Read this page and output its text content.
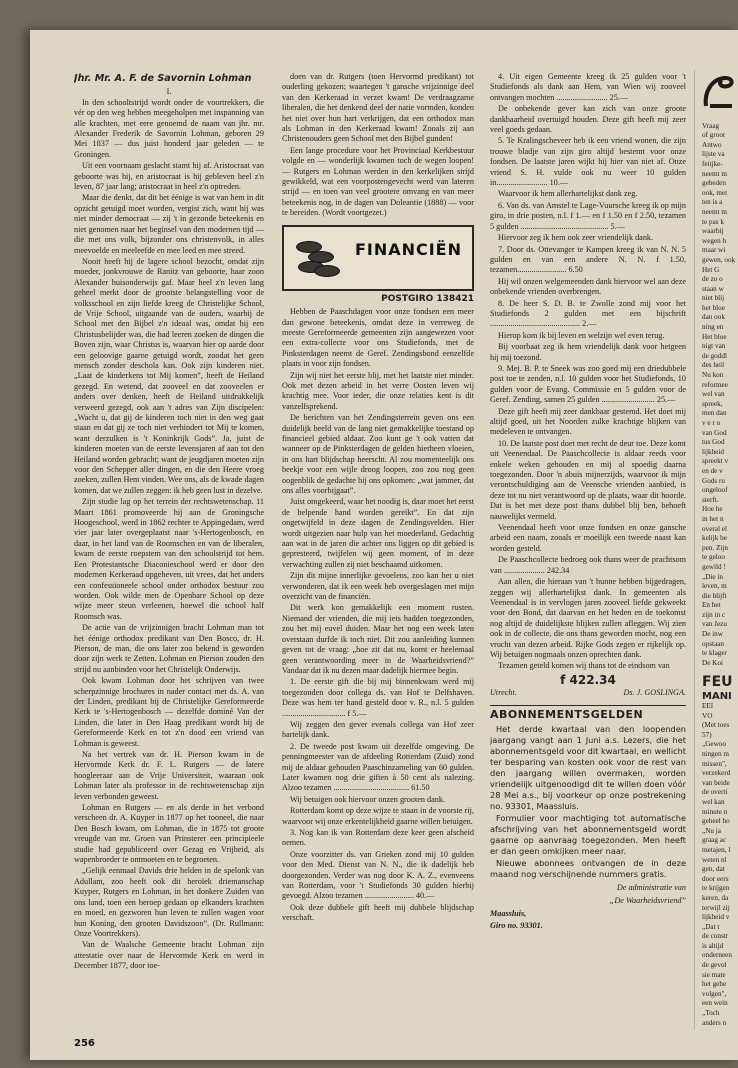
Jhr. Mr. A. F. de Savornin Lohman
I.

In den schooltstrijd wordt onder de voortrekkers, die vér op den weg hebben meegeholpen met inspanning van alle krachten, met eere genoemd de naam van jhr. mr. Alexander Frederik de Savornin Lohman, geboren 29 Mei 1837 — dus juist honderd jaar geleden — te Groningen.

Uit een voornaam geslacht stamt hij af. Aristocraat van geboorte was hij, en aristocraat is hij gebleven heel z'n leven, 87 jaar lang; aristocraat in heel z'n optreden.

Maar die denkt, dat dit het éénige is wat van hem in dit opzicht getuigd moet worden, vergist zich, want hij was niet minder democraat — zij 't in gezonde beteekenis en niet genomen naar het beginsel van den modernen tijd — die met ons volk, bijzonder ons christenvolk, in alles meevoelde en meeleefde en mee leed en mee streed.

Nooit heeft hij de lagere school bezocht, omdat zijn moeder, jonkvrouwe de Ranitz van geboorte, haar zoon Alexander huisonderwijs gaf. Maar heel z'n leven lang geheel merkt door de grootste belangstelling voor de volksschool en zijn liefde kreeg de Christelijke School, de Vrije School, uitgaande van de ouders, waarbij de School met den Bijbel z'n ideaal was, omdat hij een Christusbelijder was, die had leeren zoeken de dingen die Boven zijn, waar Christus is, waarvan hier op aarde door een geloovige gaarne getuigd wordt, zoodat het geen mensch zonder deschola kan. Ook zijn kinderen niet. „Laat de kinderkens tot Mij komen”, heeft de Heiland gezegd. En wetend, dat zooveel en dat zooveelen er anders over denken, heeft de Heiland uitdrukkelijk verweerd gezegd, ook aan 't adres van Zijn discipelen: „Wacht u, dat gij de kinderen toch niet in den weg gaat staan en dat gij ze toch niet verhindert tot Mij te komen, want derzulken is 't Koninkrijk Gods”. Ja, juist de kinderen moeten van de eerste levensjaren af aan tot den Heiland worden gebracht; want de jeugdjaren moeten zijn voor den Schepper aller dingen, en die den Heere vroeg zoeken, zullen Hem vinden. Wee ons, als de kwade dagen komen, dat we zullen zeggen: ik heb geen lust in dezelve.

Zijn studie lag op het terrein der rechtswetenschap. 11 Maart 1861 promoveerde hij aan de Groningsche Hoogeschool, werd in 1862 rechter te Appingedam, werd vier jaar later overgeplaatst naar 's-Hertogenbosch, en daar, in het land van de Roomschen en van de liberalen, kwam de eerste roepstem van den schoolstrijd tot hem. Een Protestantsche Diaconieschool werd er door den modernen Kerkeraad opgeheven, uit vrees, dat het anders een confessioneele school onder orthodox bestuur zou worden. Ook wilde men de Openbare School op deze wijze meer steun verleenen, hoewel die school half Roomsch was.

De actie van de vrijzinnigen bracht Lohman man tot het éénige orthodox predikant van Den Bosco, dr. H. Pierson, de man, die ons later zoo bekend is geworden door zijn werk te Zetten. Lohman en Pierson zouden den strijd nu aanbinden voor het Christelijk Onderwijs.

Ook kwam Lohman door het schrijven van twee scherpzinnige brochures in nader contact met ds. A. van der Linden, predikant bij de Christelijke Gereformeerde Kerk te 's-Hertogenbosch — dezelfde dominé Van der Linden, die later in Den Haag predikant wordt bij de Gereformeerde Kerk en tot z'n dood een vriend van Lohman is geweest.

Na het vertrek van dr. H. Pierson kwam in de Hervormde Kerk dr. F. L. Rutgers — de latere hoogleeraar aan de Vrije Universiteit, waaraan ook Lohman later als professor in de rechtswetenschap zijn leven verbonden geweest.

Lohman en Rutgers — en als derde in het verbond verscheen dr. A. Kuyper in 1877 op het tooneel, die naar Den Bosch kwam, om Lohman, die in 1875 tot groote vreugde van mr. Groen van Prinsterer een principieele studie had gepubliceerd over Gezag en Vrijheid, als wapenbroeder te ontmoeten en te begroeten.

„Gelijk eenmaal Davids drie helden in de spelonk van Adullam, zoo heeft ook dit heroïek driemanschap Kuyper, Rutgers en Lohman, in het donkere Zuiden van ons land, toen een beroep gedaan op elkanders krachten en moed, en gezworen hun leven te zullen wagen voor hun Koning, den grooten Davidszoon”. (Dr. Rullmann: Onze Voortrekkers).

Van de Waalsche Gemeente bracht Lohman zijn attestatie over naar de Hervormde Kerk en werd in December 1877, door toe-

doen van dr. Rutgers (toen Hervormd predikant) tot ouderling gekozen; waartegen 't gansche vrijzinnige deel van den Kerkeraad in verzet kwam! De verdraagzame liberalen, die het denkend deel der natie vormden, konden het niet over hun hart verkrijgen, dat een orthodox man als Lohman in den Kerkeraad kwam! Zooals zij aan Christenouders geen School met den Bijbel gunden!

Een lange procedure voor het Provinciaal Kerkbestuur volgde en — wonderlijk kwamen toch de wegen loopen! — Rutgers en Lohman werden in den kerkelijken strijd gewikkeld, wat een voorpostengevecht werd van lateren strijd — en toen van veel grootere omvang en van meer beteekenis nog, in de dagen van Doleantie (1888) — voor te bereiden. (Wordt voortgezet.)

FINANCIËN
POSTGIRO 138421

Hebben de Paaschdagen voor onze fondsen een meer dan gewone beteekenis, omdat deze in verreweg de meeste Gereformeerde gemeenten zijn aangewezen voor een extra-collecte voor ons Studiefonds, met de Pinksterdagen neemt de Geref. Zendingsbond eenzelfde plaats in voor zijn fondsen.

Zijn wij niet het eerste blij, met het laatste niet minder. Ook met dezen arbeid in het verre Oosten leven wij krachtig mee. Voor ieder, die onze relaties kent is dit vanzelfsprekend.

De berichten van het Zendingsterrein geven ons een duidelijk beeld van de lang niet gemakkelijke toestand op financieel gebied aldaar. Zoo kunt ge 't ook vatten dat wanneer op de Pinksterdagen de gelden hierheen vloeien, in ons hart blijdschap heerscht. Al zou momenteelijk ons beekje voor een wijle droog loopen, zoo zou nog geen oogenblik de gedachte bij ons opkomen: „wat jammer, dat ons alles voorbijgaat”.

Juist omgekeerd, waar het noodig is, daar moet het eerst de helpende hand worden gereikt”. En dat zijn ongetwijfeld in deze dagen de Zendingsvelden. Hier wordt uitgezien naar hulp van het moederland. Gedachtig aan wat in de jaren die achter ons liggen op dit gebied is gepresteerd, twijfelen wij geen moment, of in deze verwachting zullen zij niet beschaamd uitkomen.

Zijn dit mijne innerlijke gevoelens, zoo kan het u niet verwonderen, dat ik een week heb overgeslagen met mijn overzicht van de financiën.

Dit werk kon gemakkelijk een moment rusten. Niemand der vrienden, die mij iets hadden toegezonden, zou het mij euvel duiden. Maar het nog een week laten overstaan durfde ik toch niet. Dit zou aanleiding kunnen geven tot de vraag: „hoe zit dat nu, komt er heelemaal geen verantwoording meer in de Waarheidsvriend?” Vandaar dat ik nu dezen maar dadelijk hiermee begin.

1. De eerste gift die bij mij binnenkwam werd mij toegezonden door collega ds. van Hof te Delfshaven. Deze was hem ter hand gesteld door v. R., n.l. 5 gulden ............................... f 5.—

Wij zeggen den gever evenals collega van Hof zeer hartelijk dank.

2. De tweede post kwam uit dezelfde omgeving. De penningmeester van de afdeeling Rotterdam (Zuid) zond mij de aldaar gehouden Paaschinzameling van 60 gulden. Later kwamen nog drie giften à 50 cent als nalezing. Alzoo tezamen ..................................... 61.50

Wij betuigen ook hiervoor onzen grooten dank.

Rotterdam komt op deze wijze te staan in de voorste rij, waarvoor wij onze erkentelijkheid gaarne willen betuigen.

3. Nog kan ik van Rotterdam deze keer geen afscheid nemen.

Onze voorzitter ds. van Grieken zond mij 10 gulden voor den Med. Dienst van N. N., die ik dadelijk heb doorgezonden. Verder was nog door K. A. Z., evenveens van Rotterdam, voor 't Studiefonds 30 gulden hierbij gevoegd. Alzoo tezamen ........................ 40.—

Ook deze dubbele gift heeft mij dubbele blijdschap verschaft.

4. Uit eigen Gemeente kreeg ik 25 gulden voor 't Studiefonds als dank aan Hem, van Wien wij zooveel ontvangen mochten ......................... 25.—

De onbekende gever kan zich van onze groote dankbaarheid overtuigd houden. Deze gift heeft mij zeer veel goeds gedaan.

5. Te Kralingscheveer heb ik een vriend wonen, die zijn trouwe bladje van zijn giro altijd bestemt voor onze fondsen. De laatste jaren wijkt hij hier van niet af. Onze vriend S. H. vulde ook nu weer 10 gulden in......................... 10.—

Waarvoor ik hem allerhartelijkst dank zeg.

6. Van ds. van Amstel te Lage-Vuursche kreeg ik op mijn giro, in drie posten, n.l. f 1.— en f 1.50 en f 2.50, tezamen 5 gulden ........................................... 5.—

Hiervoor zeg ik hem ook zeer vriendelijk dank.

7. Door ds. Ottevanger te Kampen kreeg ik van N. N. 5 gulden en van een andere N. N. f 1.50, tezamen........................ 6.50

Hij wil onzen welgemeenden dank hiervoor wel aan deze onbekende vrienden overbrengen.

8. De heer S. D. B. te Zwolle zond mij voor het Studiefonds 2 gulden met een bijschrift ............................................ 2.—

Hierop kom ik bij leven en welzijn wel even terug.

Bij voorbaat zeg ik hem vriendelijk dank voor hetgeen hij mij toezond.

9. Mej. B. P. te Sneek was zoo goed mij een driedubbele post toe te zenden, n.l. 10 gulden voor het Studiefonds, 10 gulden voor de Evang. Commissie en 5 gulden voor de Geref. Zending, samen 25 gulden .......................... 25.—

Deze gift heeft mij zeer dankbaar gestemd. Het doet mij altijd goed, uit het Noorden zulke krachtige blijken van medeleven te ontvangen.

10. De laatste post doet met recht de deur toe. Deze komt uit Veenendaal. De Paaschcollecte is aldaar reeds voor enkele weken gehouden en mij al spoedig daarna toegezonden. Door 'n abuis mijnerzijds, waarvoor ik mijn verontschuldiging aan de Veensche vrienden aanbied, is deze tot nu niet verantwoord op de plaats, waar dit hoorde. Dat is het met deze post thans dubbel blij ben, behoeft nauwelijks vermeld.

Veenendaal heeft voor onze fondsen en onze gansche arbeid een naam, zooals er moeilijk een tweede naast kan worden gesteld.

De Paaschcollecte bedroeg ook thans weer de prachtsom van .................... 242.34

Aan allen, die hieraan van 't hunne hebben bijgedragen, zeggen wij allerhartelijkst dank. In gemeenten als Veenendaal is in vervlogen jaren zooveel liefde gekweekt voor den Bond, dat daarvan en het heden en de toekomst nog altijd de duidelijkste blijken zullen afleggen. Wij zien ook in de collecte, die ons thans geworden mocht, nog een vrucht van dezen arbeid. Rijke Gods zegen er rijkelijk op. Wij betuigen nogmaals onzen oprechten dank.

Tezamen geteld komen wij thans tot de eindsom van

f 422.34
Utrecht.	Ds. J. GOSLINGA.
ABONNEMENTSGELDEN

Het derde kwartaal van den loopenden jaargang vangt aan 1 Juni a.s. Lezers, die het abonnementsgeld voor dit kwartaal, en wellicht ter besparing van kosten ook voor de rest van den jaargang willen overmaken, worden vriendelijk uitgenoodigd dit te willen doen vóór 28 Mei a.s., bij voorkeur op onze postrekening no. 93301, Maassluis.

Formulier voor machtiging tot automatische afschrijving van het abonnementsgeld wordt gaarne op aanvraag toegezonden. Men heeft er dan geen omkijken meer naar.

Nieuwe abonnees ontvangen de in deze maand nog verschijnende nummers gratis.

De administratie van
„De Waarheidsvriend”
Maassluis,
Giro no. 93301.

Vraag

of groot

Antwo

lijste va

feitjke-

neemt m

gebeden

ook, met

ten is a

neemt m

te pas k

waarbij

wegen h

maar wi

gewen, ook

Het G

de zo o

staan w

niet blij

het bloe

dan ook

ning en

Het bloe

nigt van

de goddl

des heil

Nu kon

reformee

wel van

spreek,

men dan

v e r o

van God

tus God

lijkheid

spreekt v

en de v

Gods ru

ongeloof

sterft.

Hoe he

in het n

overal el

kelijk be

pen. Zijn

te geloo

gewild !

„Die in

leven, m

die blijft

En het

zijn in c

van Jezu

De inw

opstaan

te klager

De Koi

FEU
MANI

EEI

VO

(Met toes

57)

„Gewoo

ningen m

missen",

verzekerd

van beide

de overti

wel kan

minute n

geheel ho

„Nu ja

graag ac

metajen, l

weten nl

gen, dat

door eers

te krijgen

keren, da

terwijl zij

lijkheid v

„Dat t

de constr

is altijd

onderneen

de gevol

sie mate

het gehe

volgen",

een wein

„Toch

anders n

256
